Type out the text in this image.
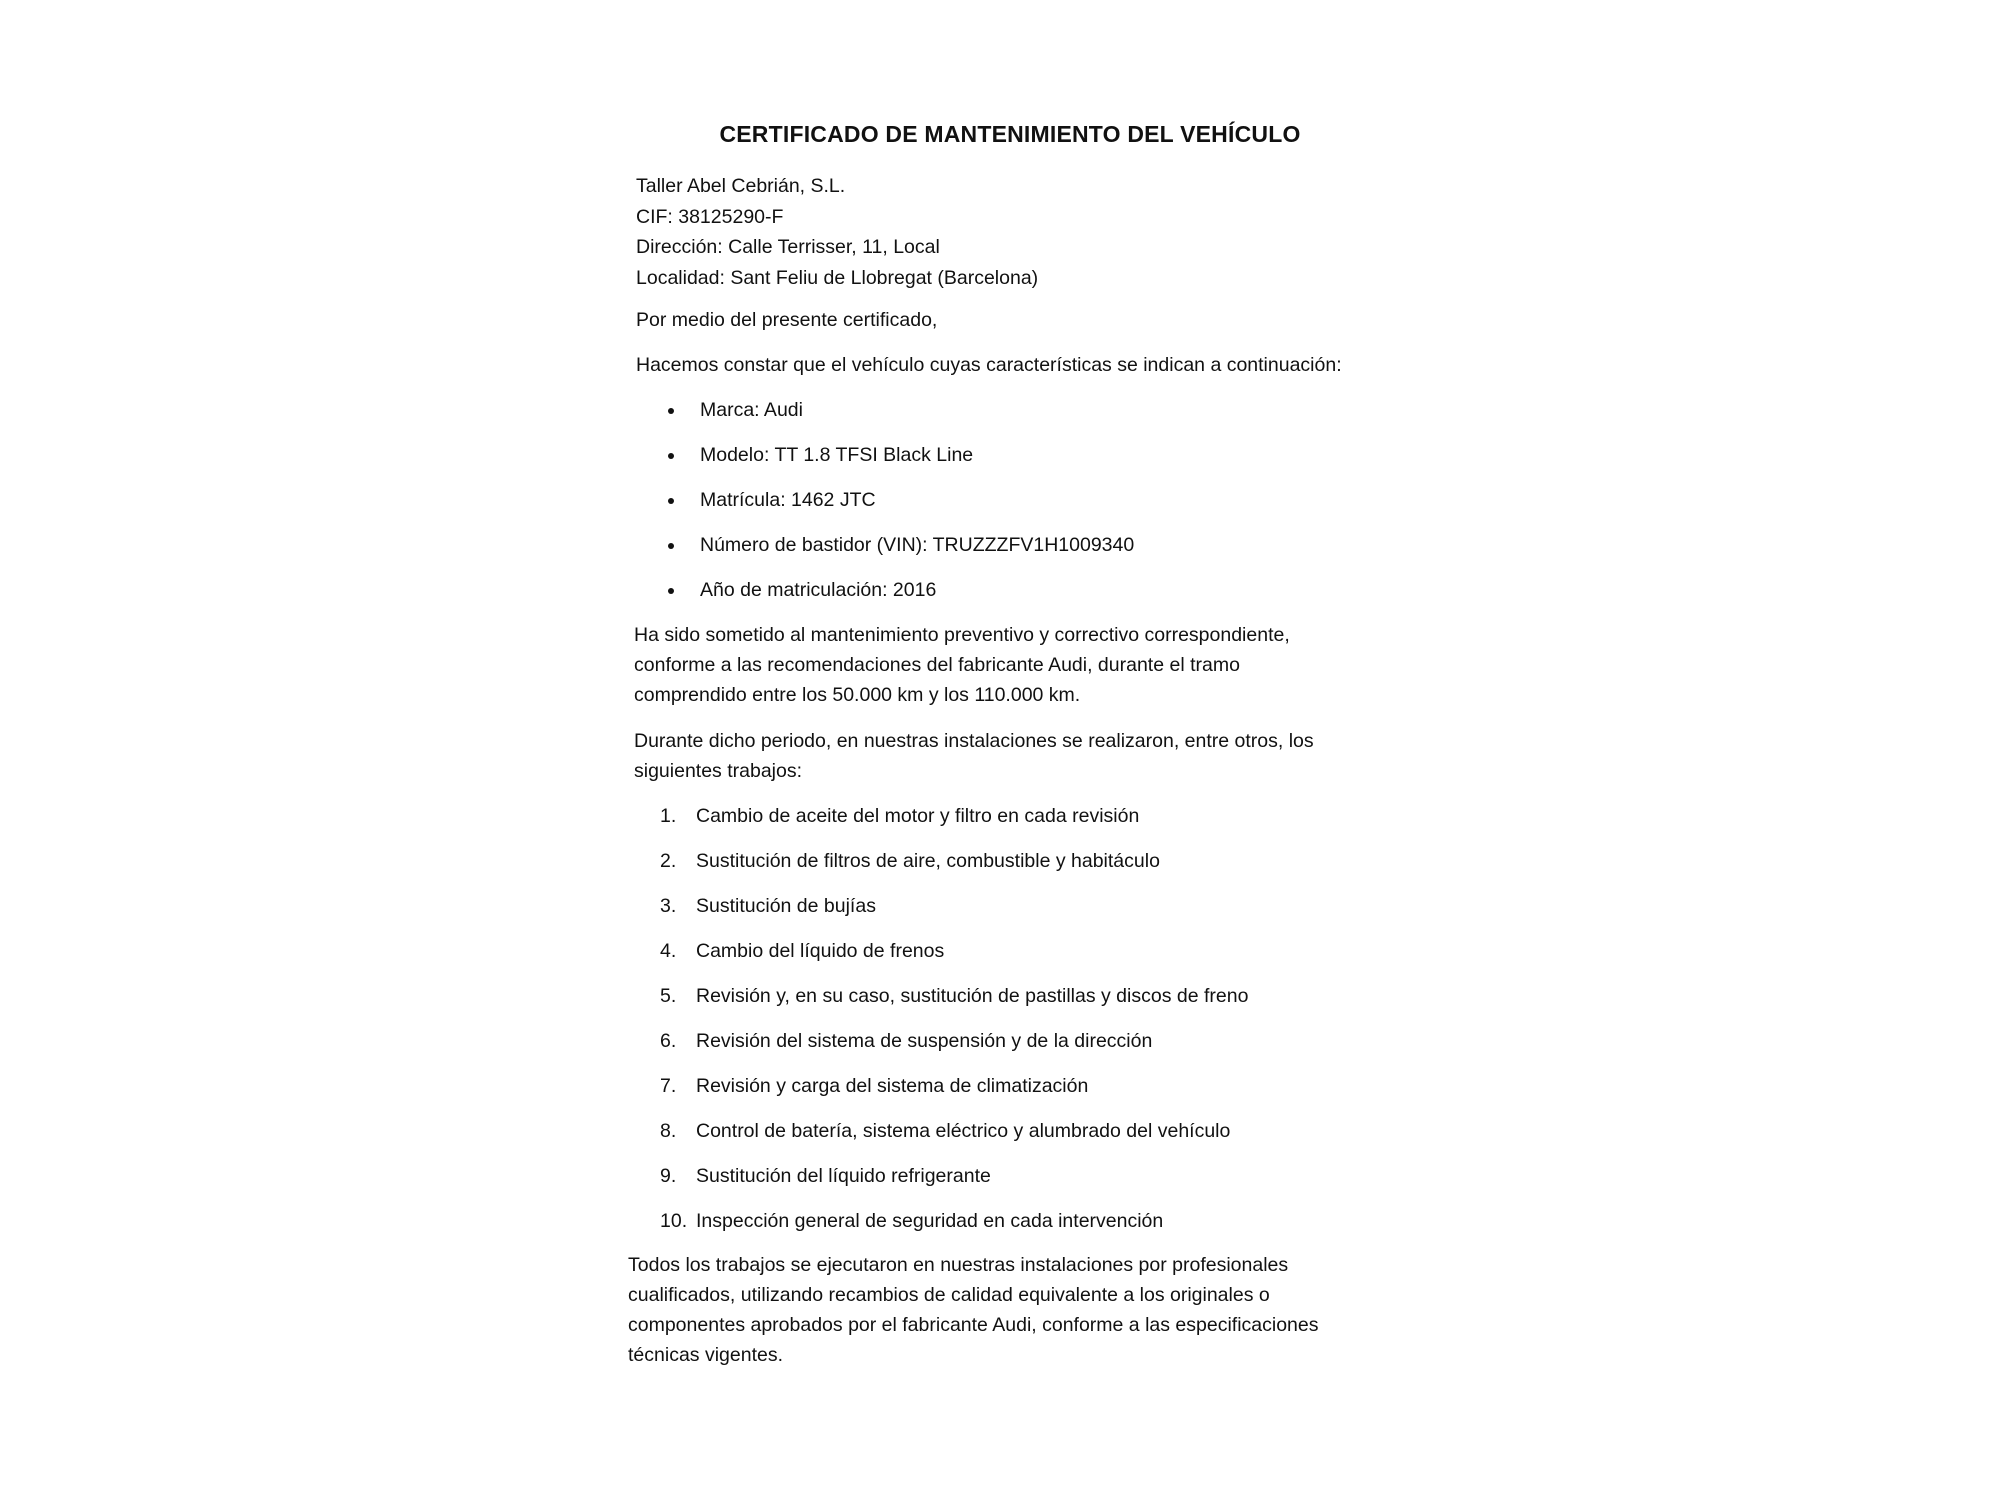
CERTIFICADO DE MANTENIMIENTO DEL VEHÍCULO
Taller Abel Cebrián, S.L.
CIF: 38125290-F
Dirección: Calle Terrisser, 11, Local
Localidad: Sant Feliu de Llobregat (Barcelona)

Por medio del presente certificado,

Hacemos constar que el vehículo cuyas características se indican a continuación:

Marca: Audi
Modelo: TT 1.8 TFSI Black Line
Matrícula: 1462 JTC
Número de bastidor (VIN): TRUZZZFV1H1009340
Año de matriculación: 2016

Ha sido sometido al mantenimiento preventivo y correctivo correspondiente,
conforme a las recomendaciones del fabricante Audi, durante el tramo
comprendido entre los 50.000 km y los 110.000 km.

Durante dicho periodo, en nuestras instalaciones se realizaron, entre otros, los
siguientes trabajos:

1. Cambio de aceite del motor y filtro en cada revisión
2. Sustitución de filtros de aire, combustible y habitáculo
3. Sustitución de bujías
4. Cambio del líquido de frenos
5. Revisión y, en su caso, sustitución de pastillas y discos de freno
6. Revisión del sistema de suspensión y de la dirección
7. Revisión y carga del sistema de climatización
8. Control de batería, sistema eléctrico y alumbrado del vehículo
9. Sustitución del líquido refrigerante
10. Inspección general de seguridad en cada intervención

Todos los trabajos se ejecutaron en nuestras instalaciones por profesionales
cualificados, utilizando recambios de calidad equivalente a los originales o
componentes aprobados por el fabricante Audi, conforme a las especificaciones
técnicas vigentes.
